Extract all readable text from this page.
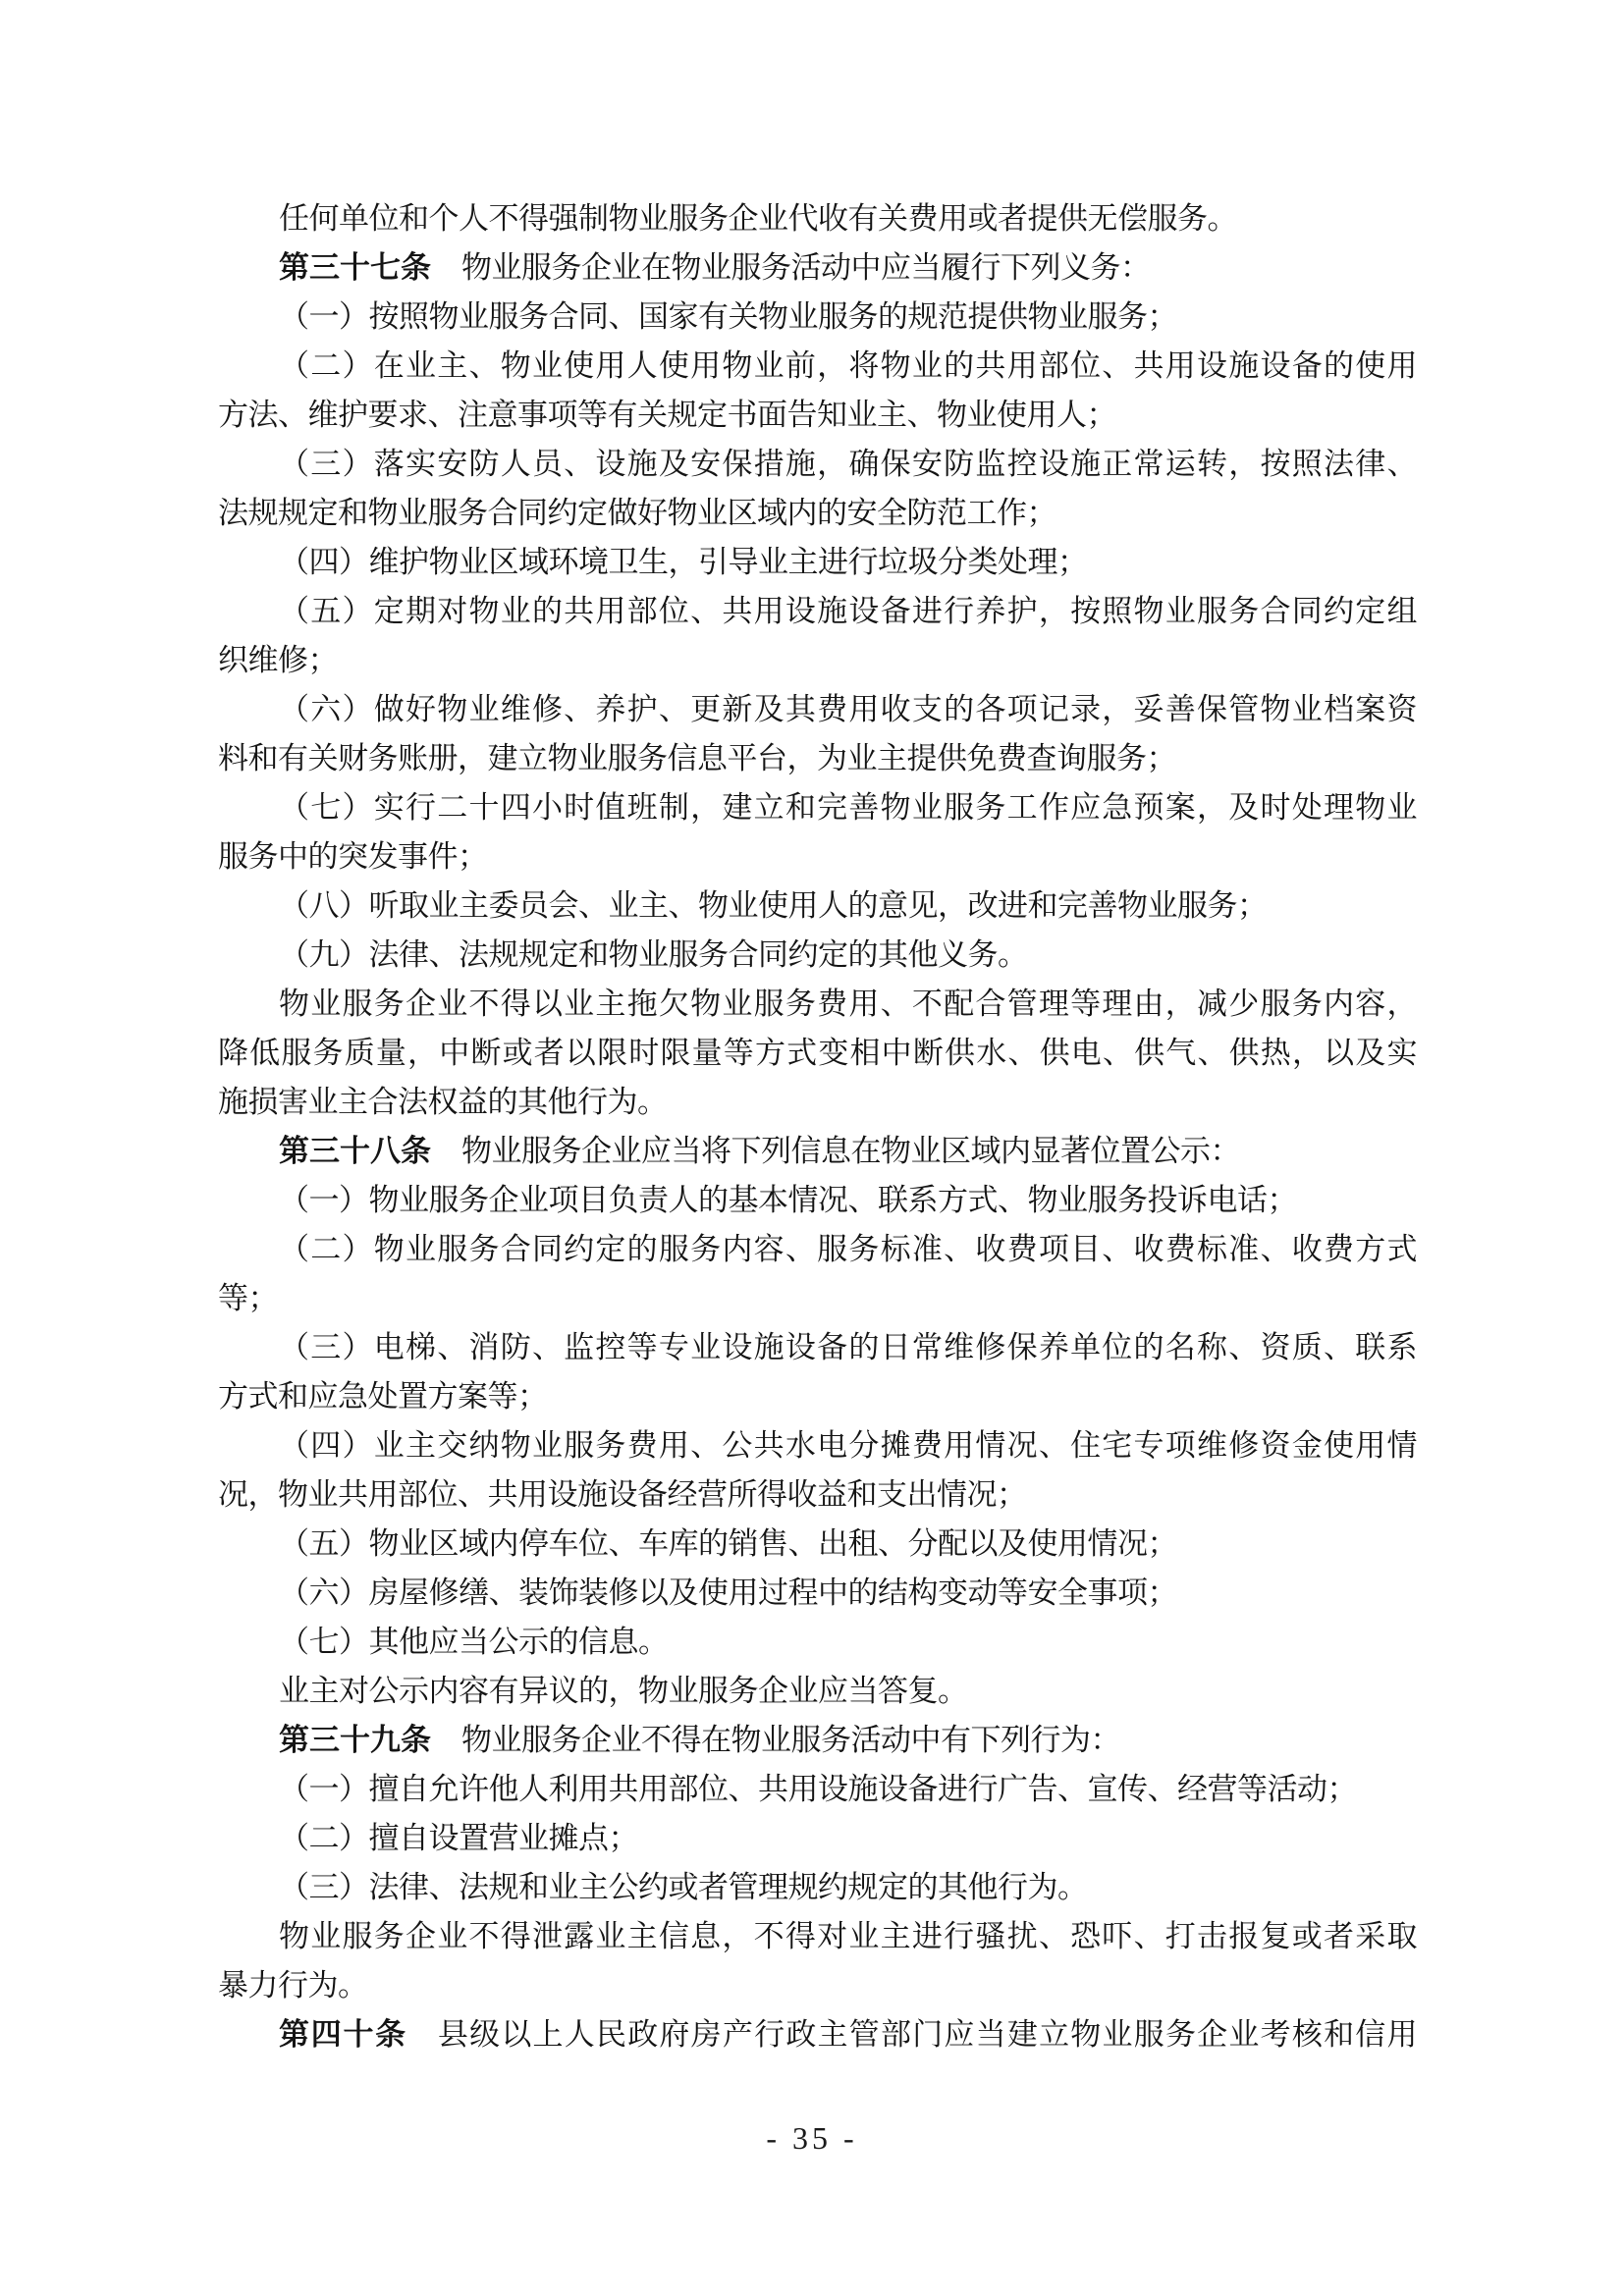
任何单位和个人不得强制物业服务企业代收有关费用或者提供无偿服务。
第三十七条 物业服务企业在物业服务活动中应当履行下列义务：
（一）按照物业服务合同、国家有关物业服务的规范提供物业服务；
（二）在业主、物业使用人使用物业前，将物业的共用部位、共用设施设备的使用
方法、维护要求、注意事项等有关规定书面告知业主、物业使用人；
（三）落实安防人员、设施及安保措施，确保安防监控设施正常运转，按照法律、
法规规定和物业服务合同约定做好物业区域内的安全防范工作；
（四）维护物业区域环境卫生，引导业主进行垃圾分类处理；
（五）定期对物业的共用部位、共用设施设备进行养护，按照物业服务合同约定组
织维修；
（六）做好物业维修、养护、更新及其费用收支的各项记录，妥善保管物业档案资
料和有关财务账册，建立物业服务信息平台，为业主提供免费查询服务；
（七）实行二十四小时值班制，建立和完善物业服务工作应急预案，及时处理物业
服务中的突发事件；
（八）听取业主委员会、业主、物业使用人的意见，改进和完善物业服务；
（九）法律、法规规定和物业服务合同约定的其他义务。
物业服务企业不得以业主拖欠物业服务费用、不配合管理等理由，减少服务内容，
降低服务质量，中断或者以限时限量等方式变相中断供水、供电、供气、供热，以及实
施损害业主合法权益的其他行为。
第三十八条 物业服务企业应当将下列信息在物业区域内显著位置公示：
（一）物业服务企业项目负责人的基本情况、联系方式、物业服务投诉电话；
（二）物业服务合同约定的服务内容、服务标准、收费项目、收费标准、收费方式
等；
（三）电梯、消防、监控等专业设施设备的日常维修保养单位的名称、资质、联系
方式和应急处置方案等；
（四）业主交纳物业服务费用、公共水电分摊费用情况、住宅专项维修资金使用情
况，物业共用部位、共用设施设备经营所得收益和支出情况；
（五）物业区域内停车位、车库的销售、出租、分配以及使用情况；
（六）房屋修缮、装饰装修以及使用过程中的结构变动等安全事项；
（七）其他应当公示的信息。
业主对公示内容有异议的，物业服务企业应当答复。
第三十九条 物业服务企业不得在物业服务活动中有下列行为：
（一）擅自允许他人利用共用部位、共用设施设备进行广告、宣传、经营等活动；
（二）擅自设置营业摊点；
（三）法律、法规和业主公约或者管理规约规定的其他行为。
物业服务企业不得泄露业主信息，不得对业主进行骚扰、恐吓、打击报复或者采取
暴力行为。
第四十条 县级以上人民政府房产行政主管部门应当建立物业服务企业考核和信用
- 35 -
